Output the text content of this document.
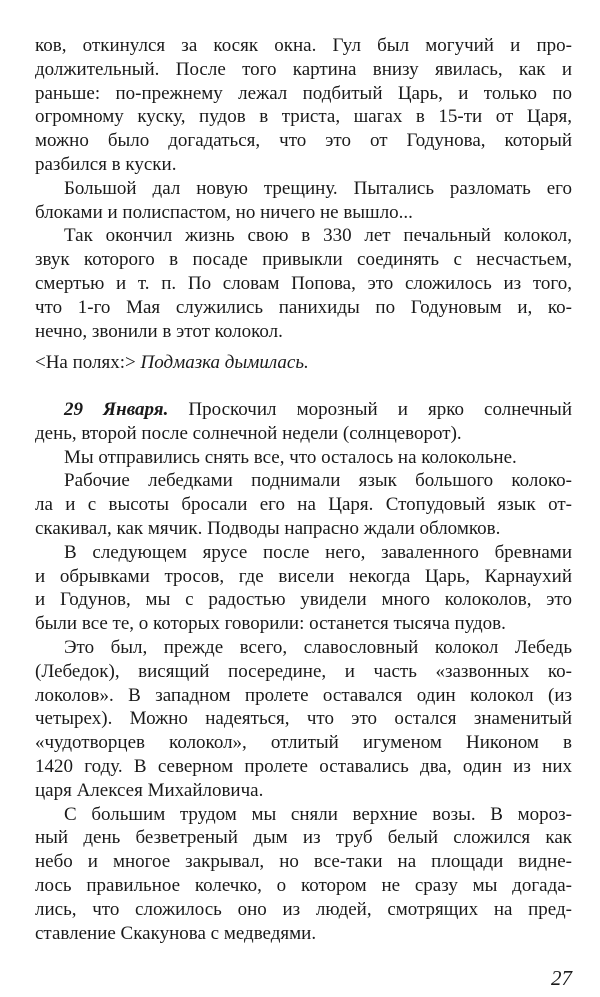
ков, откинулся за косяк окна. Гул был могучий и про-
должительный. После того картина внизу явилась, как и
раньше: по-прежнему лежал подбитый Царь, и только по
огромному куску, пудов в триста, шагах в 15-ти от Царя,
можно было догадаться, что это от Годунова, который
разбился в куски.
Большой дал новую трещину. Пытались разломать его
блоками и полиспастом, но ничего не вышло...
Так окончил жизнь свою в 330 лет печальный колокол,
звук которого в посаде привыкли соединять с несчастьем,
смертью и т. п. По словам Попова, это сложилось из того,
что 1-го Мая служились панихиды по Годуновым и, ко-
нечно, звонили в этот колокол.
<На полях:> Подмазка дымилась.
29 Января. Проскочил морозный и ярко солнечный
день, второй после солнечной недели (солнцеворот).
Мы отправились снять все, что осталось на колокольне.
Рабочие лебедками поднимали язык большого колоко-
ла и с высоты бросали его на Царя. Стопудовый язык от-
скакивал, как мячик. Подводы напрасно ждали обломков.
В следующем ярусе после него, заваленного бревнами
и обрывками тросов, где висели некогда Царь, Карнаухий
и Годунов, мы с радостью увидели много колоколов, это
были все те, о которых говорили: останется тысяча пудов.
Это был, прежде всего, славословный колокол Лебедь
(Лебедок), висящий посередине, и часть «зазвонных ко-
локолов». В западном пролете оставался один колокол (из
четырех). Можно надеяться, что это остался знаменитый
«чудотворцев колокол», отлитый игуменом Никоном в
1420 году. В северном пролете оставались два, один из них
царя Алексея Михайловича.
С большим трудом мы сняли верхние возы. В мороз-
ный день безветреный дым из труб белый сложился как
небо и многое закрывал, но все-таки на площади видне-
лось правильное колечко, о котором не сразу мы догада-
лись, что сложилось оно из людей, смотрящих на пред-
ставление Скакунова с медведями.
27
